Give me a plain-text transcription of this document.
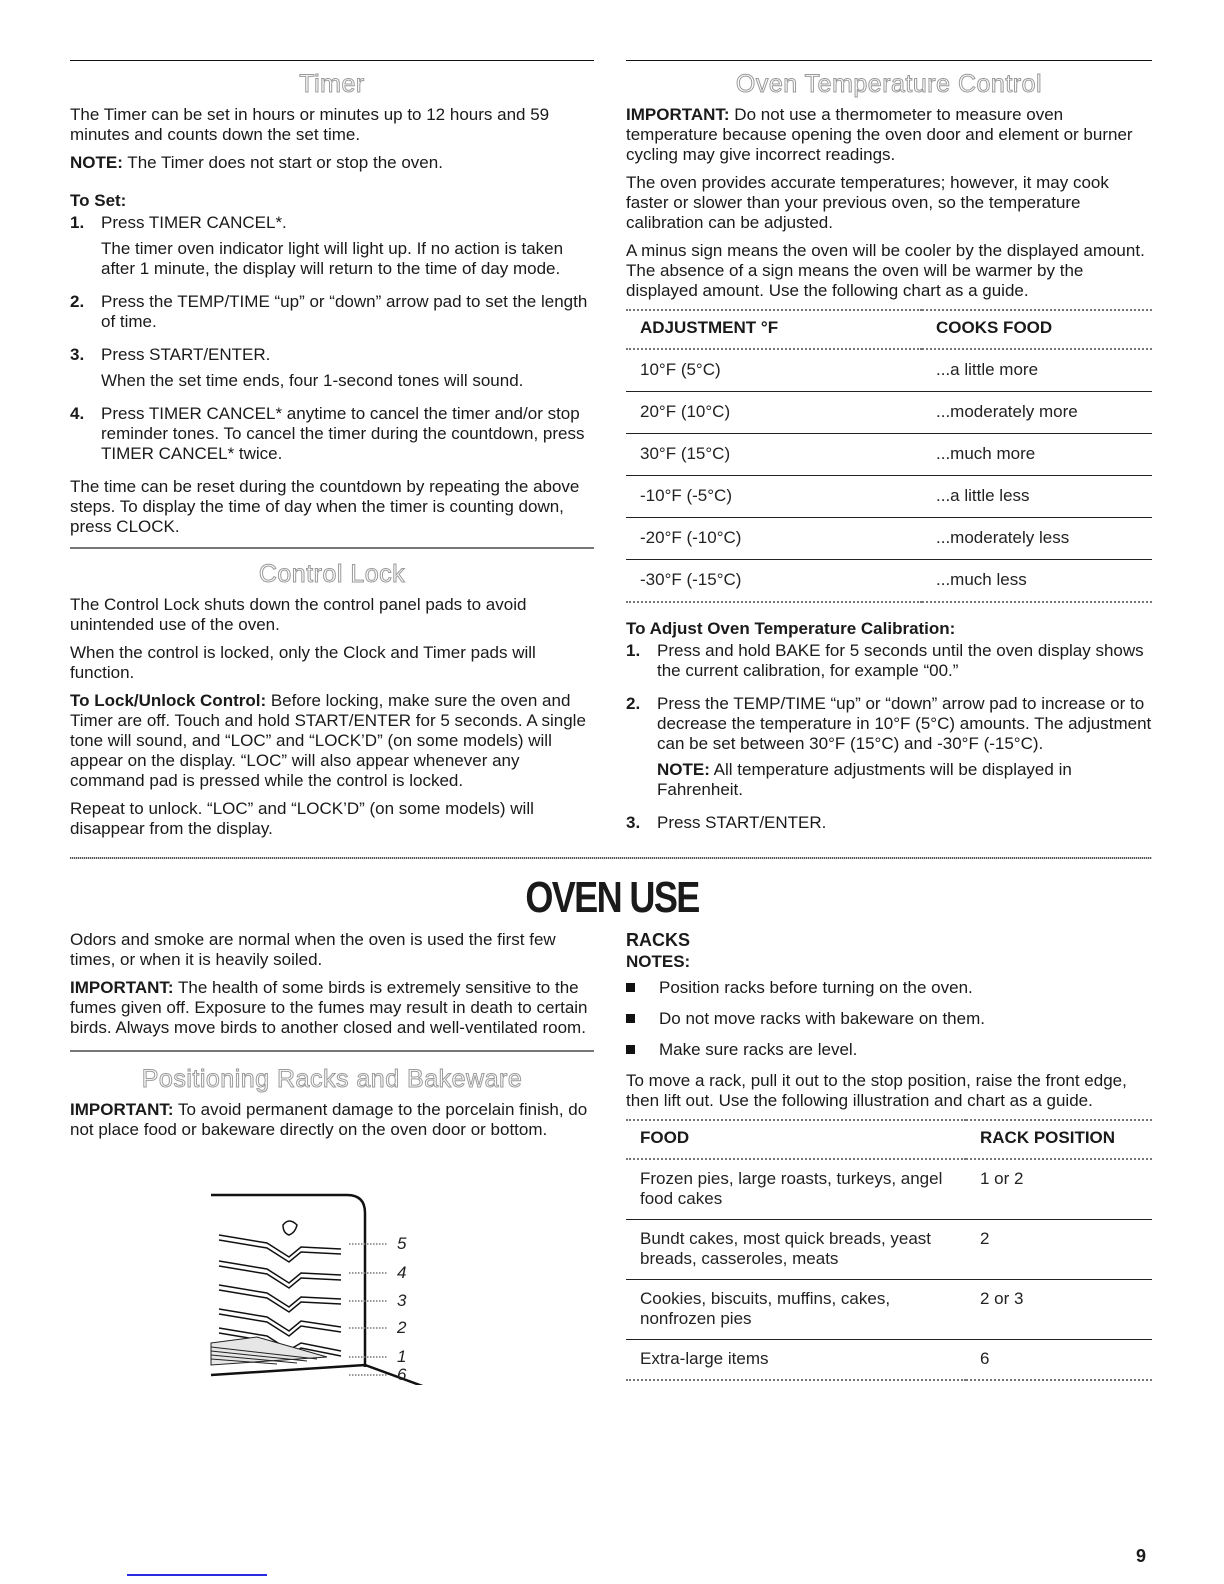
Timer

The Timer can be set in hours or minutes up to 12 hours and 59 minutes and counts down the set time.

NOTE: The Timer does not start or stop the oven.

To Set:
1. Press TIMER CANCEL*.

The timer oven indicator light will light up. If no action is taken after 1 minute, the display will return to the time of day mode.

2. Press the TEMP/TIME “up” or “down” arrow pad to set the length of time.

3. Press START/ENTER.

When the set time ends, four 1-second tones will sound.

4. Press TIMER CANCEL* anytime to cancel the timer and/or stop reminder tones. To cancel the timer during the countdown, press TIMER CANCEL* twice.

The time can be reset during the countdown by repeating the above steps. To display the time of day when the timer is counting down, press CLOCK.

Control Lock

The Control Lock shuts down the control panel pads to avoid unintended use of the oven.

When the control is locked, only the Clock and Timer pads will function.

To Lock/Unlock Control: Before locking, make sure the oven and Timer are off. Touch and hold START/ENTER for 5 seconds. A single tone will sound, and “LOC” and “LOCK’D” (on some models) will appear on the display. “LOC” will also appear whenever any command pad is pressed while the control is locked.

Repeat to unlock. “LOC” and “LOCK’D” (on some models) will disappear from the display.

Oven Temperature Control

IMPORTANT: Do not use a thermometer to measure oven temperature because opening the oven door and element or burner cycling may give incorrect readings.

The oven provides accurate temperatures; however, it may cook faster or slower than your previous oven, so the temperature calibration can be adjusted.

A minus sign means the oven will be cooler by the displayed amount. The absence of a sign means the oven will be warmer by the displayed amount. Use the following chart as a guide.

ADJUSTMENT °F	COOKS FOOD
10°F (5°C)	...a little more
20°F (10°C)	...moderately more
30°F (15°C)	...much more
-10°F (-5°C)	...a little less
-20°F (-10°C)	...moderately less
-30°F (-15°C)	...much less
To Adjust Oven Temperature Calibration:
1. Press and hold BAKE for 5 seconds until the oven display shows the current calibration, for example “00.”

2. Press the TEMP/TIME “up” or “down” arrow pad to increase or to decrease the temperature in 10°F (5°C) amounts. The adjustment can be set between 30°F (15°C) and -30°F (-15°C).

NOTE: All temperature adjustments will be displayed in Fahrenheit.

3. Press START/ENTER.

OVEN USE

Odors and smoke are normal when the oven is used the first few times, or when it is heavily soiled.

IMPORTANT: The health of some birds is extremely sensitive to the fumes given off. Exposure to the fumes may result in death to certain birds. Always move birds to another closed and well-ventilated room.

Positioning Racks and Bakeware

IMPORTANT: To avoid permanent damage to the porcelain finish, do not place food or bakeware directly on the oven door or bottom.

5
4
3
2
1
6
RACKS
NOTES:
Position racks before turning on the oven.
Do not move racks with bakeware on them.
Make sure racks are level.

To move a rack, pull it out to the stop position, raise the front edge, then lift out. Use the following illustration and chart as a guide.

FOOD	RACK POSITION
Frozen pies, large roasts, turkeys, angel food cakes	1 or 2
Bundt cakes, most quick breads, yeast breads, casseroles, meats	2
Cookies, biscuits, muffins, cakes, nonfrozen pies	2 or 3
Extra-large items	6
9
